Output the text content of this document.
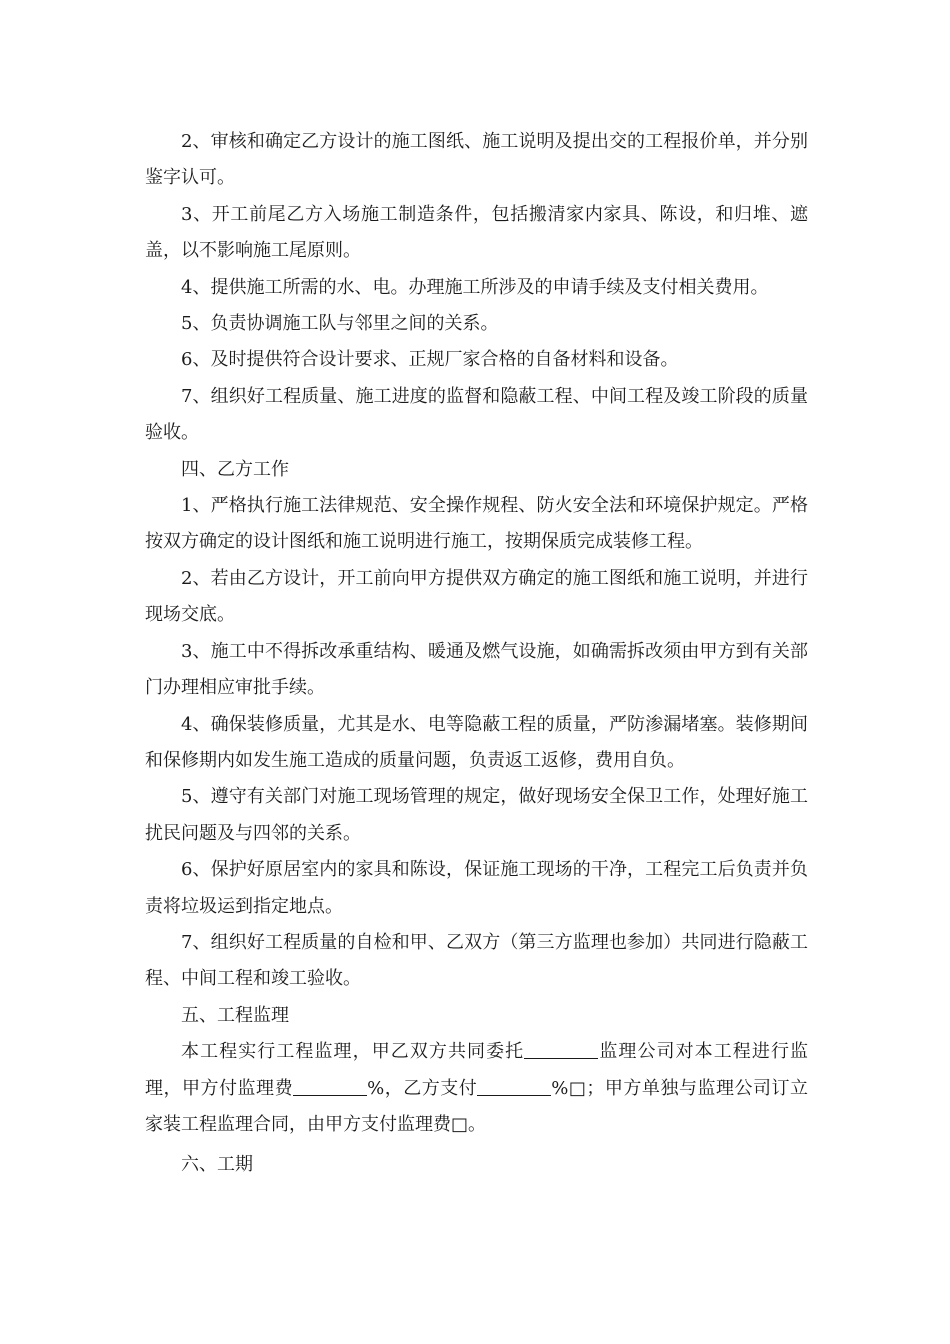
2、审核和确定乙方设计的施工图纸、施工说明及提出交的工程报价单，并分别鉴字认可。

3、开工前尾乙方入场施工制造条件，包括搬清家内家具、陈设，和归堆、遮盖，以不影响施工尾原则。

4、提供施工所需的水、电。办理施工所涉及的申请手续及支付相关费用。

5、负责协调施工队与邻里之间的关系。

6、及时提供符合设计要求、正规厂家合格的自备材料和设备。

7、组织好工程质量、施工进度的监督和隐蔽工程、中间工程及竣工阶段的质量验收。

四、乙方工作

1、严格执行施工法律规范、安全操作规程、防火安全法和环境保护规定。严格按双方确定的设计图纸和施工说明进行施工，按期保质完成装修工程。

2、若由乙方设计，开工前向甲方提供双方确定的施工图纸和施工说明，并进行现场交底。

3、施工中不得拆改承重结构、暖通及燃气设施，如确需拆改须由甲方到有关部门办理相应审批手续。

4、确保装修质量，尤其是水、电等隐蔽工程的质量，严防渗漏堵塞。装修期间和保修期内如发生施工造成的质量问题，负责返工返修，费用自负。

5、遵守有关部门对施工现场管理的规定，做好现场安全保卫工作，处理好施工扰民问题及与四邻的关系。

6、保护好原居室内的家具和陈设，保证施工现场的干净，工程完工后负责并负责将垃圾运到指定地点。

7、组织好工程质量的自检和甲、乙双方（第三方监理也参加）共同进行隐蔽工程、中间工程和竣工验收。

五、工程监理

本工程实行工程监理，甲乙双方共同委托	监理公司对本工程进行监理，甲方付监理费	%，乙方支付	%□；甲方单独与监理公司订立家装工程监理合同，由甲方支付监理费□。

六、工期
